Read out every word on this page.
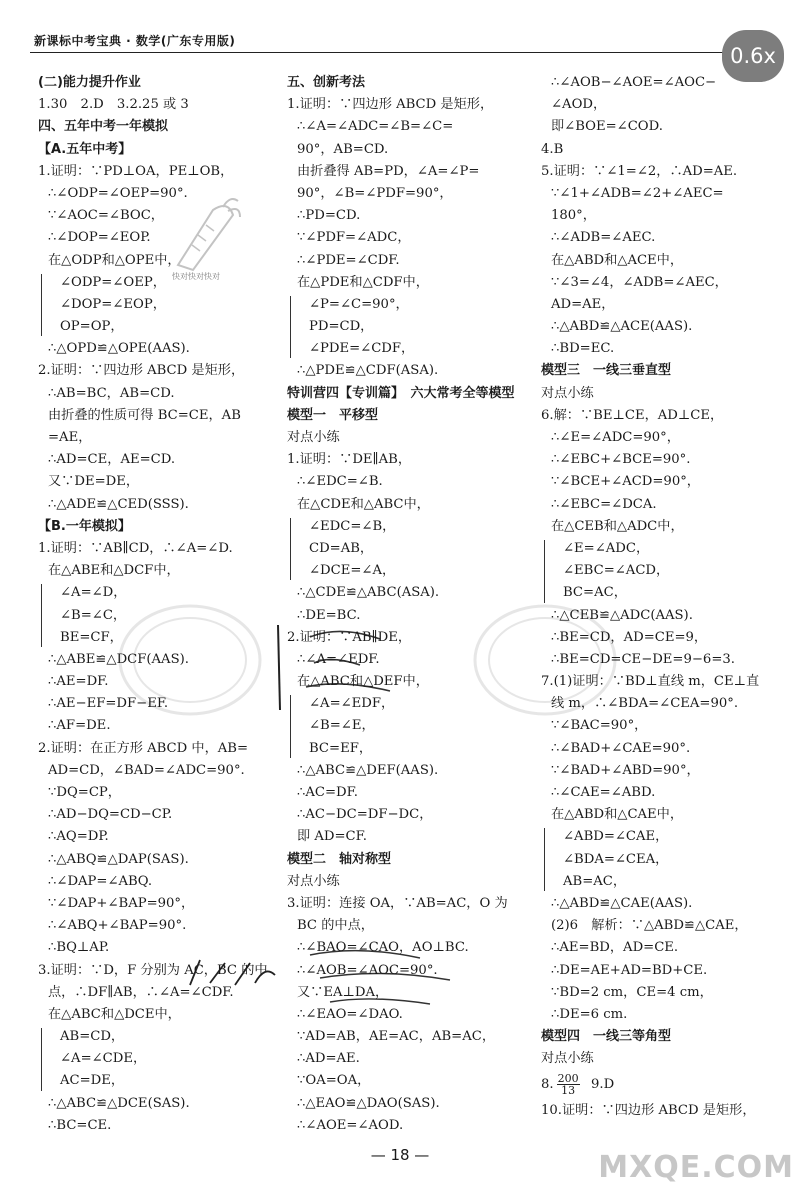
新课标中考宝典 · 数学(广东专用版)
0.6x
快对快对快对
(二)能力提升作业
1.30　2.D　3.2.25 或 3
四、五年中考一年模拟
【A.五年中考】
1.证明：∵PD⊥OA，PE⊥OB，
∴∠ODP=∠OEP=90°.
∵∠AOC=∠BOC，
∴∠DOP=∠EOP.
在△ODP和△OPE中，
∠ODP=∠OEP，
∠DOP=∠EOP，
OP=OP，
∴△OPD≌△OPE(AAS).
2.证明：∵四边形 ABCD 是矩形，
∴AB=BC，AB=CD.
由折叠的性质可得 BC=CE，AB
=AE，
∴AD=CE，AE=CD.
又∵DE=DE，
∴△ADE≌△CED(SSS).
【B.一年模拟】
1.证明：∵AB∥CD，∴∠A=∠D.
在△ABE和△DCF中，
∠A=∠D，
∠B=∠C，
BE=CF，
∴△ABE≌△DCF(AAS).
∴AE=DF.
∴AE−EF=DF−EF.
∴AF=DE.
2.证明：在正方形 ABCD 中，AB=
AD=CD，∠BAD=∠ADC=90°.
∵DQ=CP，
∴AD−DQ=CD−CP.
∴AQ=DP.
∴△ABQ≌△DAP(SAS).
∴∠DAP=∠ABQ.
∵∠DAP+∠BAP=90°，
∴∠ABQ+∠BAP=90°.
∴BQ⊥AP.
3.证明：∵D，F 分别为 AC，BC 的中
点，∴DF∥AB，∴∠A=∠CDF.
在△ABC和△DCE中，
AB=CD，
∠A=∠CDE，
AC=DE，
∴△ABC≌△DCE(SAS).
∴BC=CE.
五、创新考法
1.证明：∵四边形 ABCD 是矩形，
∴∠A=∠ADC=∠B=∠C=
90°，AB=CD.
由折叠得 AB=PD，∠A=∠P=
90°，∠B=∠PDF=90°，
∴PD=CD.
∵∠PDF=∠ADC，
∴∠PDE=∠CDF.
在△PDE和△CDF中，
∠P=∠C=90°，
PD=CD，
∠PDE=∠CDF，
∴△PDE≌△CDF(ASA).
特训营四【专训篇】　六大常考全等模型
模型一　平移型
对点小练
1.证明：∵DE∥AB，
∴∠EDC=∠B.
在△CDE和△ABC中，
∠EDC=∠B，
CD=AB，
∠DCE=∠A，
∴△CDE≌△ABC(ASA).
∴DE=BC.
2.证明：∵AB∥DE，
∴∠A=∠EDF.
在△ABC和△DEF中，
∠A=∠EDF，
∠B=∠E，
BC=EF，
∴△ABC≌△DEF(AAS).
∴AC=DF.
∴AC−DC=DF−DC，
即 AD=CF.
模型二　轴对称型
对点小练
3.证明：连接 OA，∵AB=AC，O 为
BC 的中点，
∴∠BAO=∠CAO，AO⊥BC.
∴∠AOB=∠AOC=90°.
又∵EA⊥DA，
∴∠EAO=∠DAO.
∵AD=AB，AE=AC，AB=AC，
∴AD=AE.
∵OA=OA，
∴△EAO≌△DAO(SAS).
∴∠AOE=∠AOD.
∴∠AOB−∠AOE=∠AOC−
∠AOD，
即∠BOE=∠COD.
4.B
5.证明：∵∠1=∠2，∴AD=AE.
∵∠1+∠ADB=∠2+∠AEC=
180°，
∴∠ADB=∠AEC.
在△ABD和△ACE中，
∵∠3=∠4，∠ADB=∠AEC，
AD=AE，
∴△ABD≌△ACE(AAS).
∴BD=EC.
模型三　一线三垂直型
对点小练
6.解：∵BE⊥CE，AD⊥CE，
∴∠E=∠ADC=90°，
∴∠EBC+∠BCE=90°.
∵∠BCE+∠ACD=90°，
∴∠EBC=∠DCA.
在△CEB和△ADC中，
∠E=∠ADC，
∠EBC=∠ACD，
BC=AC，
∴△CEB≌△ADC(AAS).
∴BE=CD，AD=CE=9，
∴BE=CD=CE−DE=9−6=3.
7.(1)证明：∵BD⊥直线 m，CE⊥直
线 m，∴∠BDA=∠CEA=90°.
∵∠BAC=90°，
∴∠BAD+∠CAE=90°.
∵∠BAD+∠ABD=90°，
∴∠CAE=∠ABD.
在△ABD和△CAE中，
∠ABD=∠CAE，
∠BDA=∠CEA，
AB=AC，
∴△ABD≌△CAE(AAS).
(2)6　解析：∵△ABD≌△CAE，
∴AE=BD，AD=CE.
∴DE=AE+AD=BD+CE.
∵BD=2 cm，CE=4 cm，
∴DE=6 cm.
模型四　一线三等角型
对点小练
8. $\frac{200}{13} 9.D$
10.证明：∵四边形 ABCD 是矩形，
— 18 —	MXQE.COM
